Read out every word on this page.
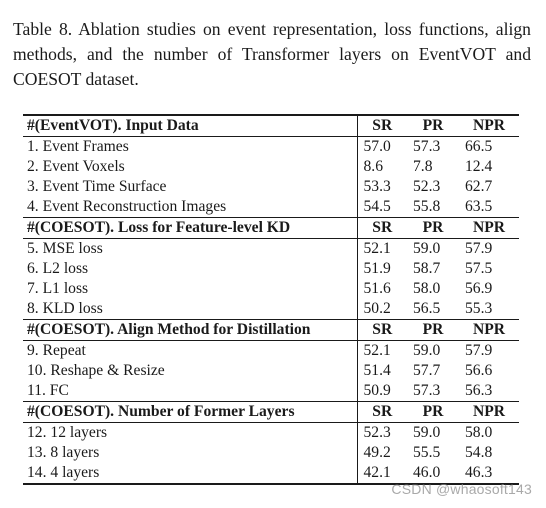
Table 8. Ablation studies on event representation, loss functions, align methods, and the number of Transformer layers on EventVOT and COESOT dataset.

#(EventVOT). Input Data	SR	PR	NPR
1. Event Frames	57.0	57.3	66.5
2. Event Voxels	8.6	7.8	12.4
3. Event Time Surface	53.3	52.3	62.7
4. Event Reconstruction Images	54.5	55.8	63.5
#(COESOT). Loss for Feature-level KD	SR	PR	NPR
5. MSE loss	52.1	59.0	57.9
6. L2 loss	51.9	58.7	57.5
7. L1 loss	51.6	58.0	56.9
8. KLD loss	50.2	56.5	55.3
#(COESOT). Align Method for Distillation	SR	PR	NPR
9. Repeat	52.1	59.0	57.9
10. Reshape & Resize	51.4	57.7	56.6
11. FC	50.9	57.3	56.3
#(COESOT). Number of Former Layers	SR	PR	NPR
12. 12 layers	52.3	59.0	58.0
13. 8 layers	49.2	55.5	54.8
14. 4 layers	42.1	46.0	46.3
CSDN @whaosoft143
